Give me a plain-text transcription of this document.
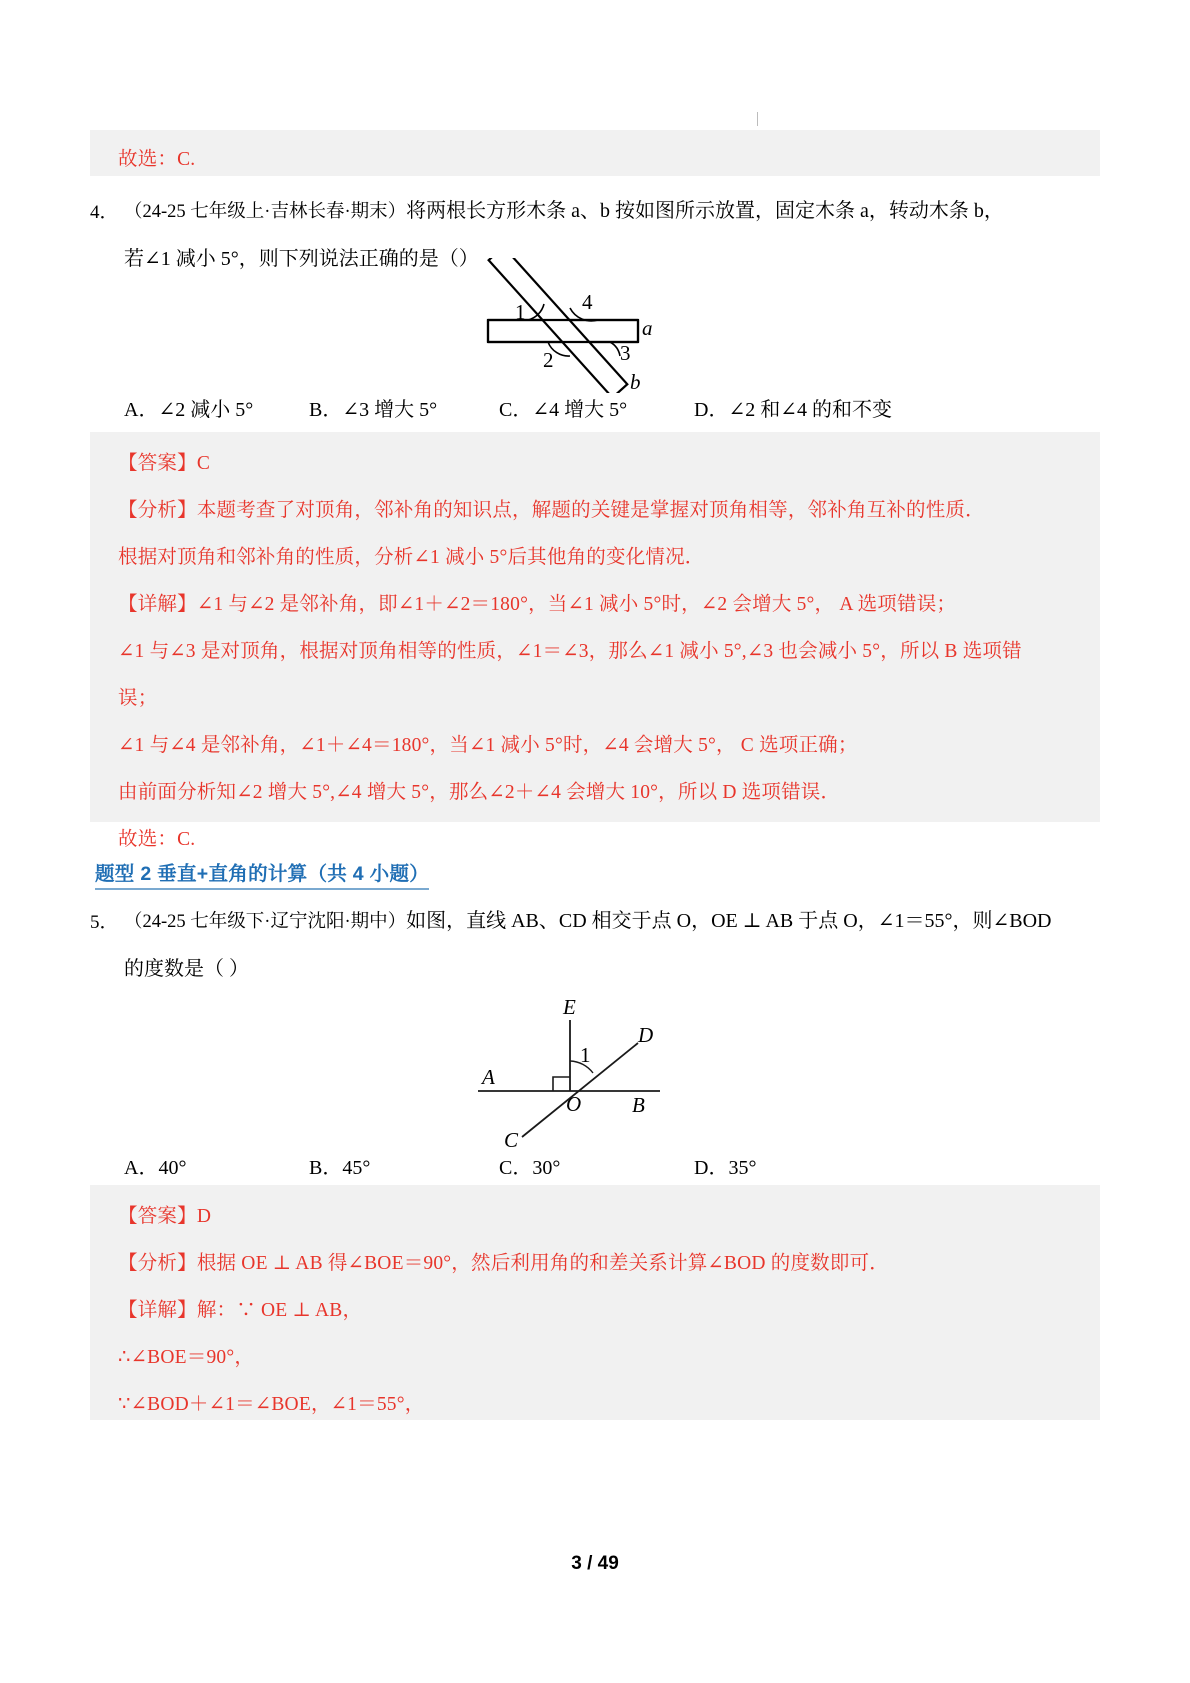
故选：C.
4． （24-25 七年级上·吉林长春·期末）将两根长方形木条 a、b 按如图所示放置，固定木条 a，转动木条 b，
若∠1 减小 5°，则下列说法正确的是（）
1	4
2	3
a
b
A．∠2 减小 5°	B．∠3 增大 5°	C．∠4 增大 5°	D．∠2 和∠4 的和不变
【答案】C
【分析】本题考查了对顶角，邻补角的知识点，解题的关键是掌握对顶角相等，邻补角互补的性质．
根据对顶角和邻补角的性质，分析∠1 减小 5°后其他角的变化情况．
【详解】∠1 与∠2 是邻补角，即∠1＋∠2＝180°，当∠1 减小 5°时，∠2 会增大 5°， A 选项错误；
∠1 与∠3 是对顶角，根据对顶角相等的性质，∠1＝∠3，那么∠1 减小 5°,∠3 也会减小 5°，所以 B 选项错
误；
∠1 与∠4 是邻补角，∠1＋∠4＝180°，当∠1 减小 5°时，∠4 会增大 5°， C 选项正确；
由前面分析知∠2 增大 5°,∠4 增大 5°，那么∠2＋∠4 会增大 10°，所以 D 选项错误．
故选：C.
题型 2 垂直+直角的计算（共 4 小题）
5． （24-25 七年级下·辽宁沈阳·期中）如图，直线 AB、CD 相交于点 O，OE ⊥ AB 于点 O，∠1＝55°，则∠BOD
的度数是（ ）
E
D
A
B
C
O
1
A．40°	B．45°	C．30°	D．35°
【答案】D
【分析】根据 OE ⊥ AB 得∠BOE＝90°，然后利用角的和差关系计算∠BOD 的度数即可．
【详解】解：∵ OE ⊥ AB，
∴∠BOE＝90°，
∵∠BOD＋∠1＝∠BOE，∠1＝55°，
3 / 49
